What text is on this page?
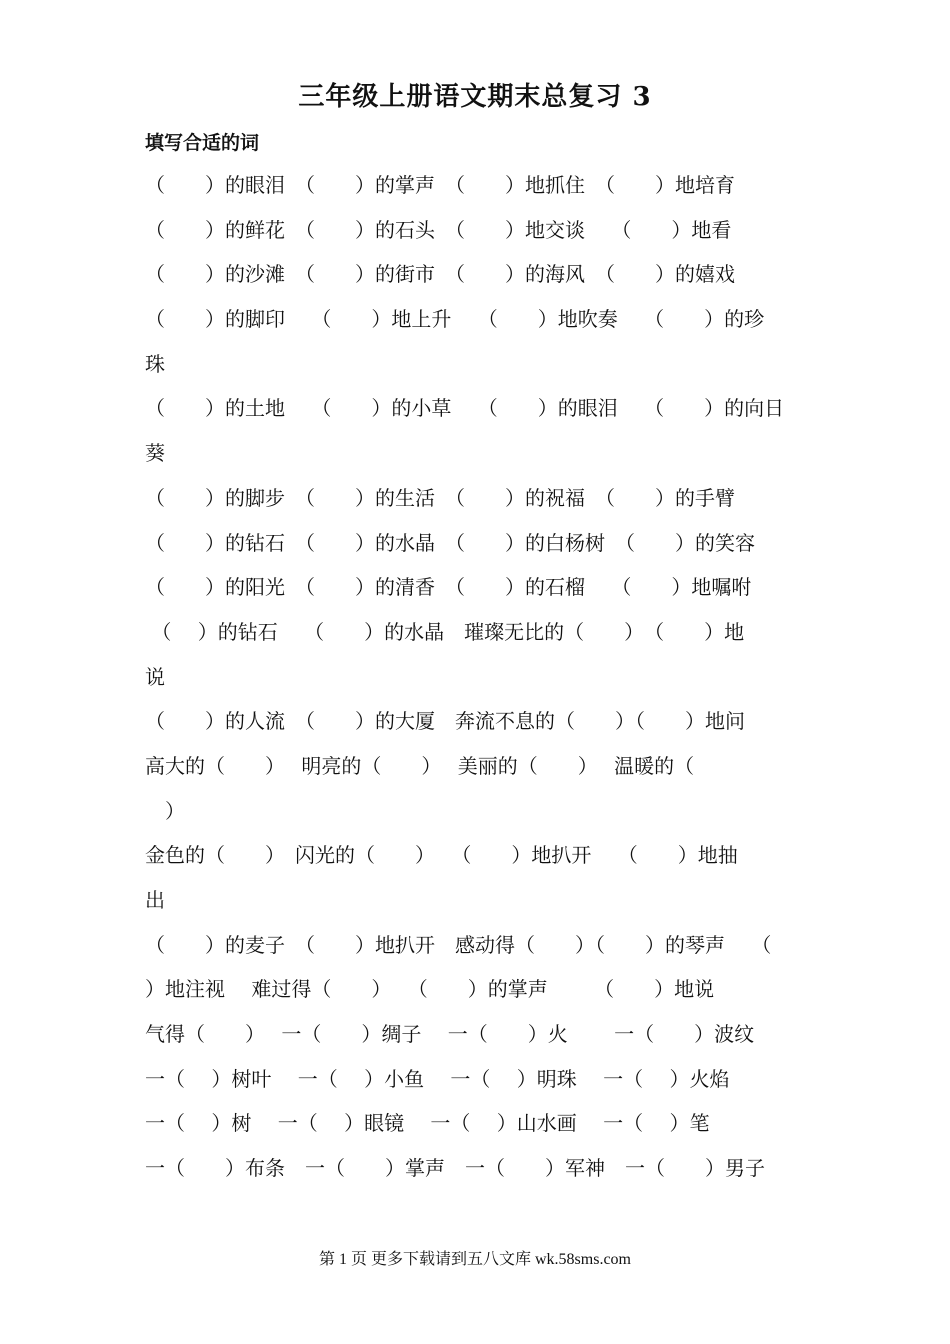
三年级上册语文期末总复习 3
填写合适的词
（　　）的眼泪　（　　）的掌声　（　　）地抓住　（　　）地培育
（　　）的鲜花　（　　）的石头　（　　）地交谈　 （　　）地看
（　　）的沙滩　（　　）的街市　（　　）的海风　（　　）的嬉戏
（　　）的脚印　 （　　）地上升　 （　　）地吹奏　 （　　）的珍
珠
（　　）的土地　 （　　）的小草　 （　　）的眼泪　 （　　）的向日
葵
（　　）的脚步　（　　）的生活　（　　）的祝福　（　　）的手臂
（　　）的钻石　（　　）的水晶　（　　）的白杨树　（　　）的笑容
（　　）的阳光　（　　）的清香　（　　）的石榴　 （　　）地嘱咐
（　 ）的钻石　 （　　）的水晶　璀璨无比的（　　）　（　　）地
说
（　　）的人流　（　　）的大厦　奔流不息的（　　）（　　）地问
高大的（　　）　 明亮的（　　）　 美丽的（　　）　 温暖的（
　）
金色的（　　）　闪光的（　　）　 （　　）地扒开　 （　　）地抽
出
（　　）的麦子　（　　）地扒开　感动得（　　）（　　）的琴声　 （
）地注视　 难过得（　　）　 （　　）的掌声　　 （　　）地说
气得（　　）　 一（　　）绸子　 一（　　）火　　 一（　　）波纹
一（　 ）树叶　 一（　 ）小鱼　 一（　 ）明珠　 一（　 ）火焰
一（　 ）树　 一（　 ）眼镜　 一（　 ）山水画　 一（　 ）笔
一（　　）布条　一（　　）掌声　一（　　）军神　一（　　）男子
第 1 页 更多下载请到五八文库 wk.58sms.com
